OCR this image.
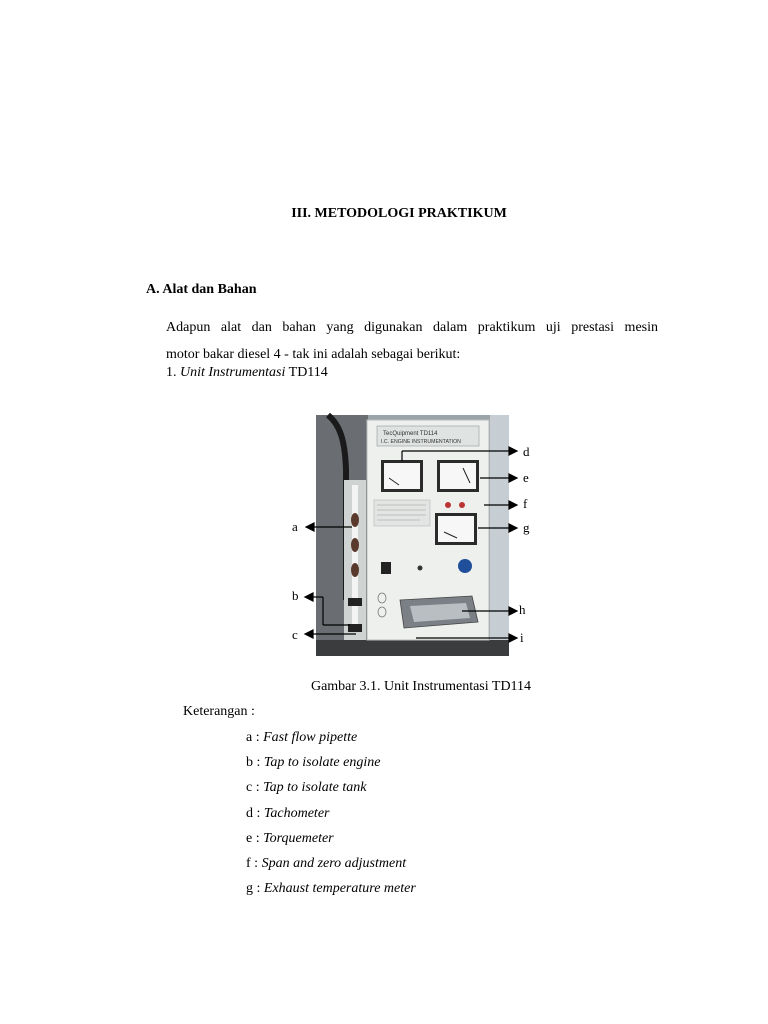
III. METODOLOGI PRAKTIKUM
A. Alat dan Bahan
Adapun alat dan bahan yang digunakan dalam praktikum uji prestasi mesin
motor bakar diesel 4 - tak ini adalah sebagai berikut:
1. Unit Instrumentasi TD114
TecQuipment TD114
I.C. ENGINE INSTRUMENTATION
a
b
c
d
e
f
g
h
i
Gambar 3.1. Unit Instrumentasi TD114
Keterangan :
a : Fast flow pipette
b : Tap to isolate engine
c : Tap to isolate tank
d : Tachometer
e : Torquemeter
f : Span and zero adjustment
g : Exhaust temperature meter
